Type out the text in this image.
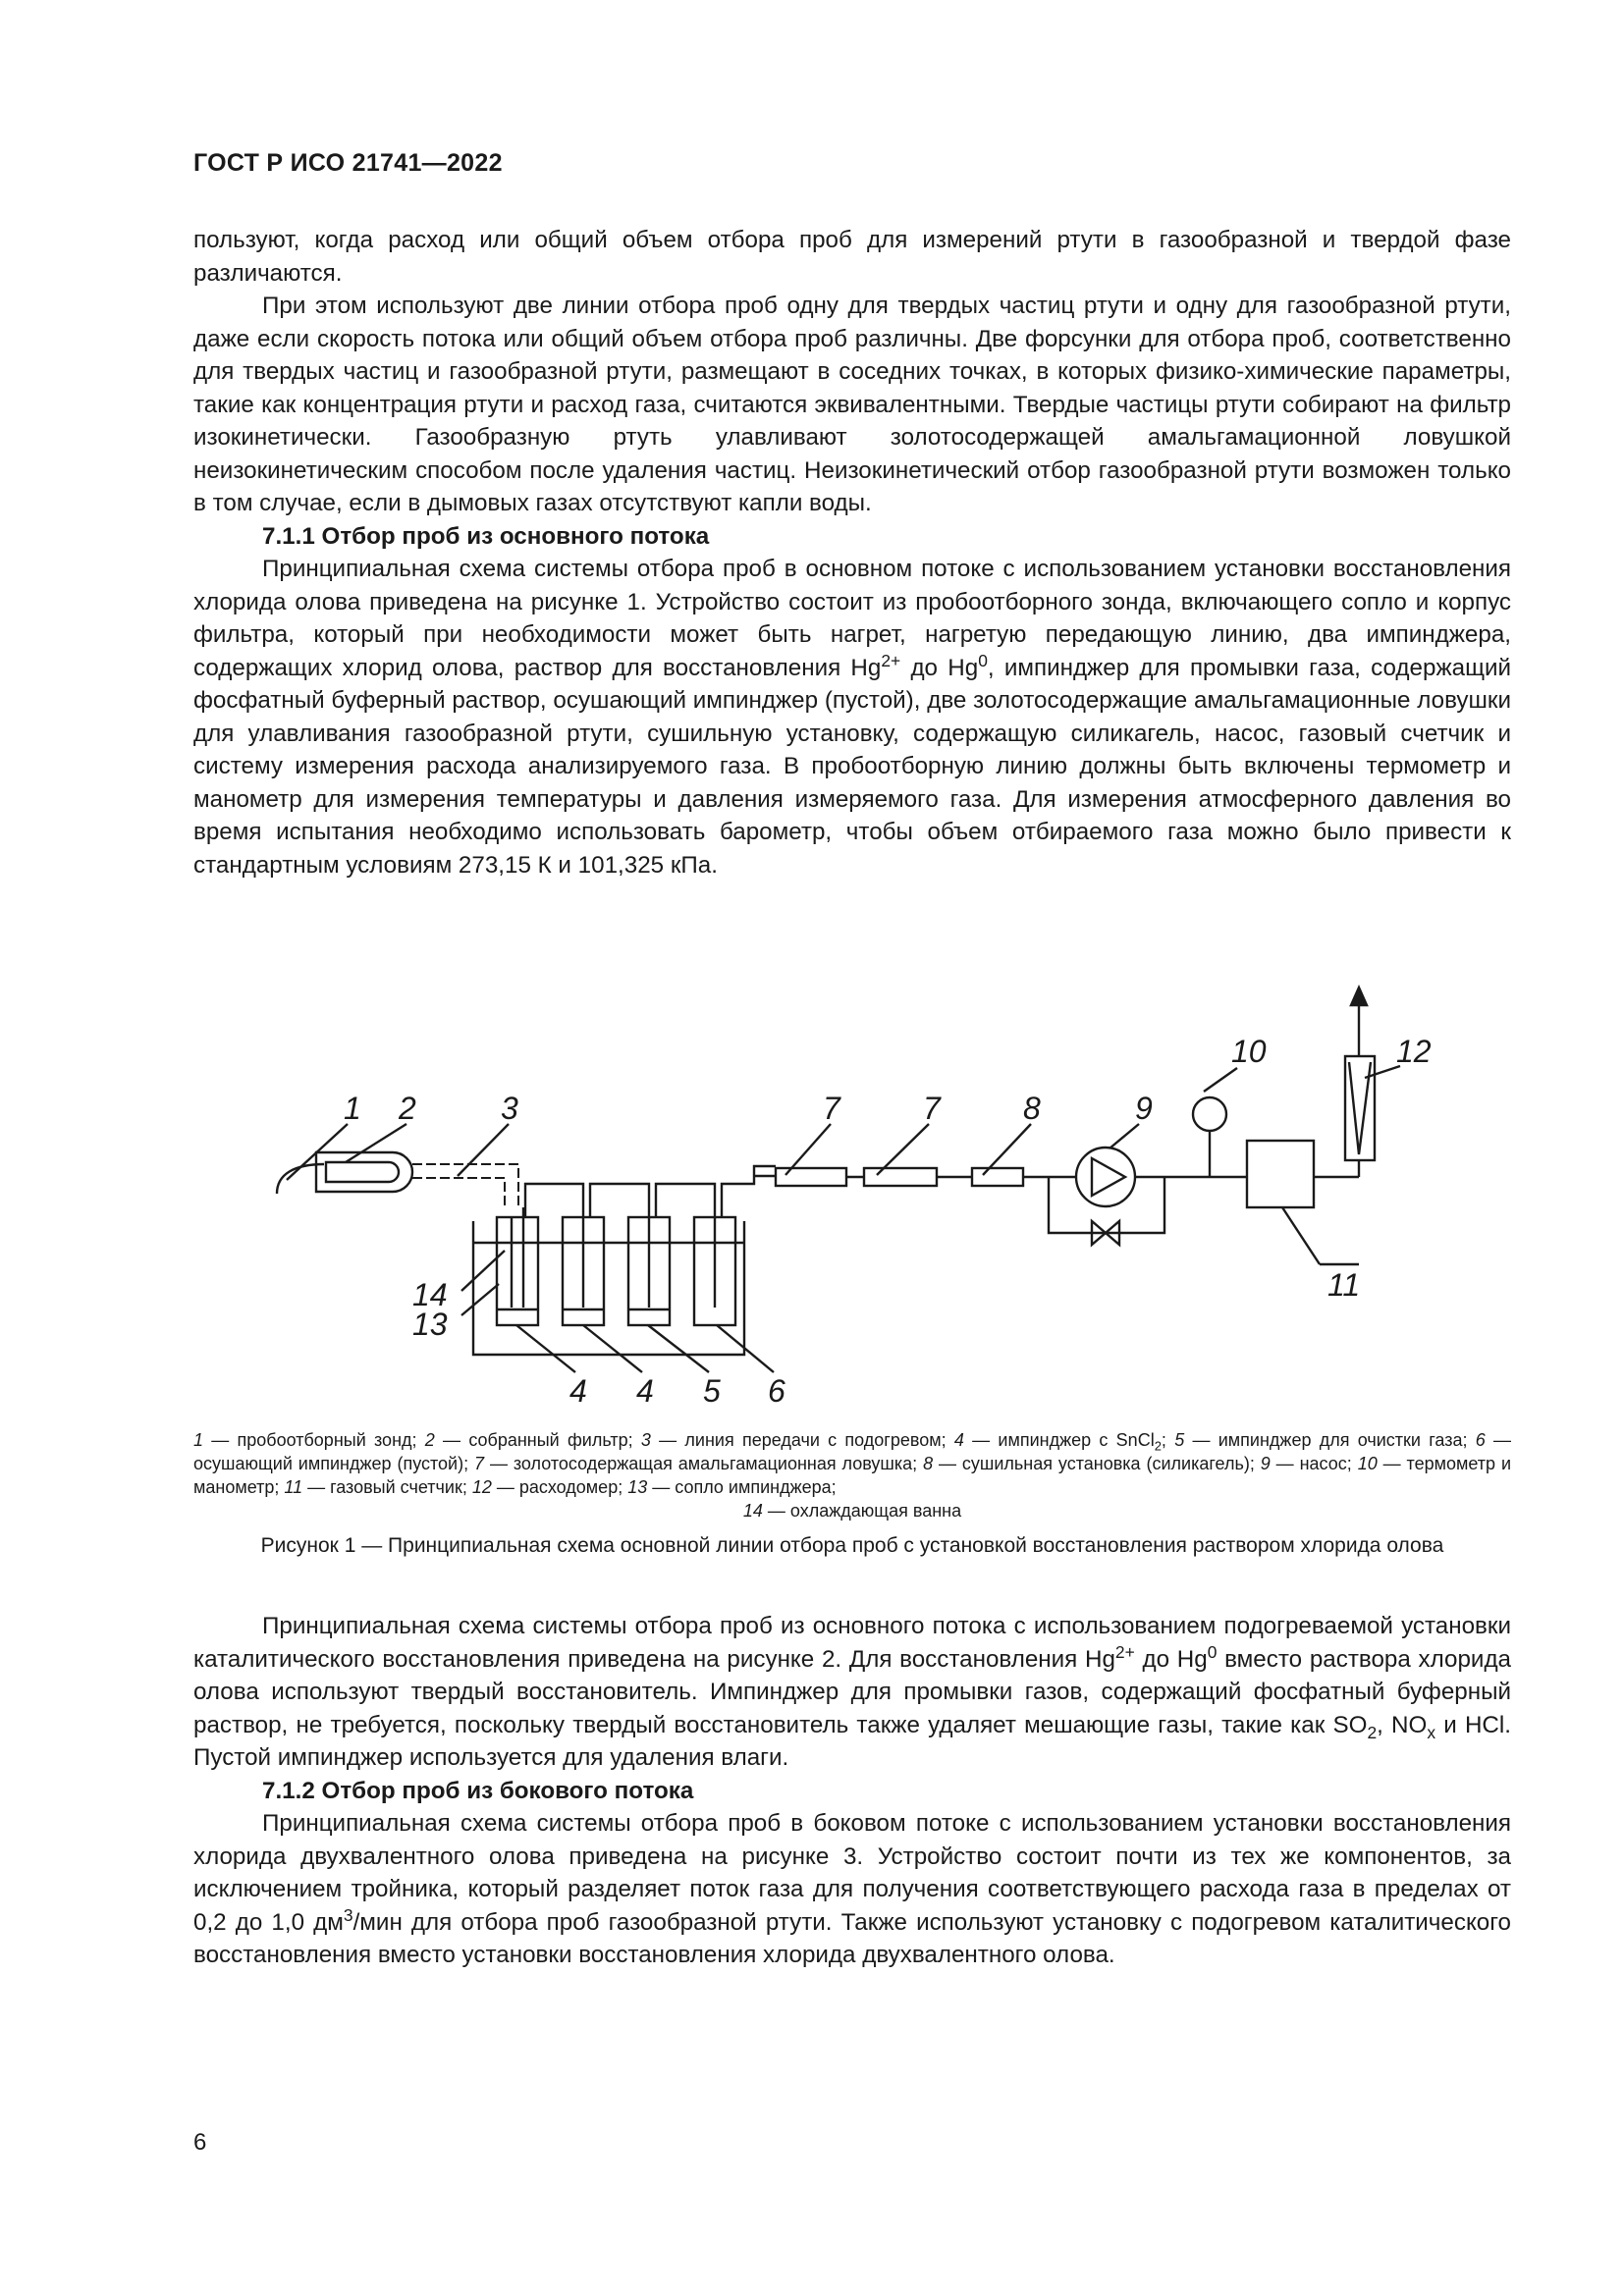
ГОСТ Р ИСО 21741—2022

пользуют, когда расход или общий объем отбора проб для измерений ртути в газообразной и твердой фазе различаются.

При этом используют две линии отбора проб одну для твердых частиц ртути и одну для газообразной ртути, даже если скорость потока или общий объем отбора проб различны. Две форсунки для отбора проб, соответственно для твердых частиц и газообразной ртути, размещают в соседних точках, в которых физико-химические параметры, такие как концентрация ртути и расход газа, считаются эквивалентными. Твердые частицы ртути собирают на фильтр изокинетически. Газообразную ртуть улавливают золотосодержащей амальгамационной ловушкой неизокинетическим способом после удаления частиц. Неизокинетический отбор газообразной ртути возможен только в том случае, если в дымовых газах отсутствуют капли воды.

7.1.1 Отбор проб из основного потока

Принципиальная схема системы отбора проб в основном потоке с использованием установки восстановления хлорида олова приведена на рисунке 1. Устройство состоит из пробоотборного зонда, включающего сопло и корпус фильтра, который при необходимости может быть нагрет, нагретую передающую линию, два импинджера, содержащих хлорид олова, раствор для восстановления $Hg^{2+}$ до Hg$^0$, импинджер для промывки газа, содержащий фосфатный буферный раствор, осушающий импинджер (пустой), две золотосодержащие амальгамационные ловушки для улавливания газообразной ртути, сушильную установку, содержащую силикагель, насос, газовый счетчик и систему измерения расхода анализируемого газа. В пробоотборную линию должны быть включены термометр и манометр для измерения температуры и давления измеряемого газа. Для измерения атмосферного давления во время испытания необходимо использовать барометр, чтобы объем отбираемого газа можно было привести к стандартным условиям 273,15 К и 101,325 кПа.

1 2	3
4 4 5 6
7	7	8	9
10
11
12
13
14
1 — пробоотборный зонд; 2 — собранный фильтр; 3 — линия передачи с подогревом; 4 — импинджер с SnCl$_2$; 5 — импинджер для очистки газа; 6 — осушающий импинджер (пустой); 7 — золотосодержащая амальгамационная ловушка; 8 — сушильная установка (силикагель); 9 — насос; 10 — термометр и манометр; 11 — газовый счетчик; 12 — расходомер; 13 — сопло импинджера;
14 — охлаждающая ванна
Рисунок 1 — Принципиальная схема основной линии отбора проб с установкой восстановления раствором хлорида олова

Принципиальная схема системы отбора проб из основного потока с использованием подогреваемой установки каталитического восстановления приведена на рисунке 2. Для восстановления $Hg^{2+}$ до Hg$^0$ вместо раствора хлорида олова используют твердый восстановитель. Импинджер для промывки газов, содержащий фосфатный буферный раствор, не требуется, поскольку твердый восстановитель также удаляет мешающие газы, такие как $SO_2$, $NO_x$ и HCl. Пустой импинджер используется для удаления влаги.

7.1.2 Отбор проб из бокового потока

Принципиальная схема системы отбора проб в боковом потоке с использованием установки восстановления хлорида двухвалентного олова приведена на рисунке 3. Устройство состоит почти из тех же компонентов, за исключением тройника, который разделяет поток газа для получения соответствующего расхода газа в пределах от 0,2 до 1,0 $дм^3$/мин для отбора проб газообразной ртути. Также используют установку с подогревом каталитического восстановления вместо установки восстановления хлорида двухвалентного олова.

6
